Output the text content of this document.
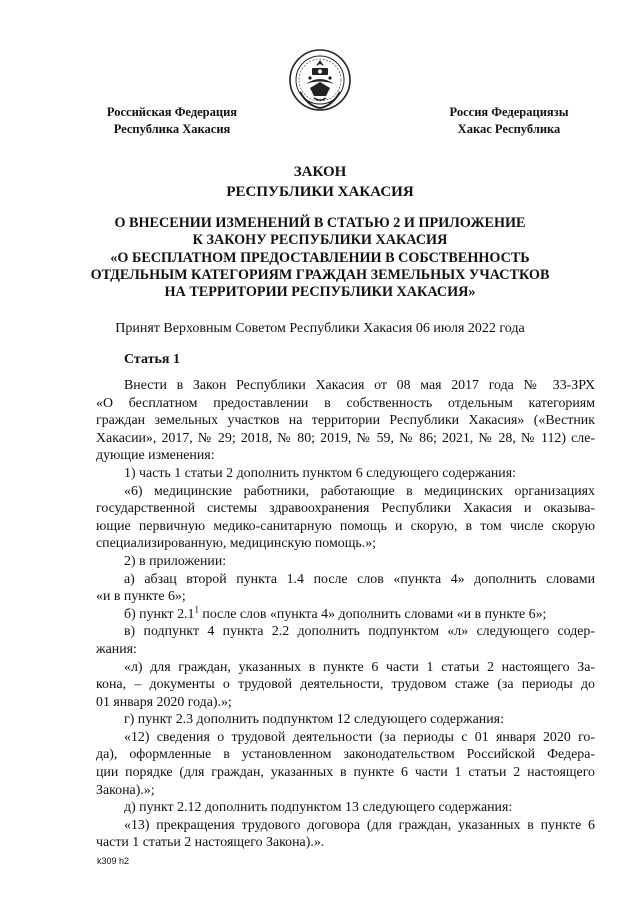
Российская Федерация
Республика Хакасия
Россия Федерациязы
Хакас Республика
ЗАКОН
РЕСПУБЛИКИ ХАКАСИЯ
О ВНЕСЕНИИ ИЗМЕНЕНИЙ В СТАТЬЮ 2 И ПРИЛОЖЕНИЕ
К ЗАКОНУ РЕСПУБЛИКИ ХАКАСИЯ
«О БЕСПЛАТНОМ ПРЕДОСТАВЛЕНИИ В СОБСТВЕННОСТЬ
ОТДЕЛЬНЫМ КАТЕГОРИЯМ ГРАЖДАН ЗЕМЕЛЬНЫХ УЧАСТКОВ
НА ТЕРРИТОРИИ РЕСПУБЛИКИ ХАКАСИЯ»
Принят Верховным Советом Республики Хакасия 06 июля 2022 года
Статья 1
Внести в Закон Республики Хакасия от 08 мая 2017 года № 33-ЗРХ
«О бесплатном предоставлении в собственность отдельным категориям
граждан земельных участков на территории Республики Хакасия» («Вестник
Хакасии», 2017, № 29; 2018, № 80; 2019, № 59, № 86; 2021, № 28, № 112) сле-
дующие изменения:
1) часть 1 статьи 2 дополнить пунктом 6 следующего содержания:
«6) медицинские работники, работающие в медицинских организациях
государственной системы здравоохранения Республики Хакасия и оказыва-
ющие первичную медико-санитарную помощь и скорую, в том числе скорую
специализированную, медицинскую помощь.»;
2) в приложении:
а) абзац второй пункта 1.4 после слов «пункта 4» дополнить словами
«и в пункте 6»;
б) пункт $2.1^1$ после слов «пункта 4» дополнить словами «и в пункте 6»;
в) подпункт 4 пункта 2.2 дополнить подпунктом «л» следующего содер-
жания:
«л) для граждан, указанных в пункте 6 части 1 статьи 2 настоящего За-
кона, – документы о трудовой деятельности, трудовом стаже (за периоды до
01 января 2020 года).»;
г) пункт 2.3 дополнить подпунктом 12 следующего содержания:
«12) сведения о трудовой деятельности (за периоды с 01 января 2020 го-
да), оформленные в установленном законодательством Российской Федера-
ции порядке (для граждан, указанных в пункте 6 части 1 статьи 2 настоящего
Закона).»;
д) пункт 2.12 дополнить подпунктом 13 следующего содержания:
«13) прекращения трудового договора (для граждан, указанных в пункте 6
части 1 статьи 2 настоящего Закона).».
k309 h2
